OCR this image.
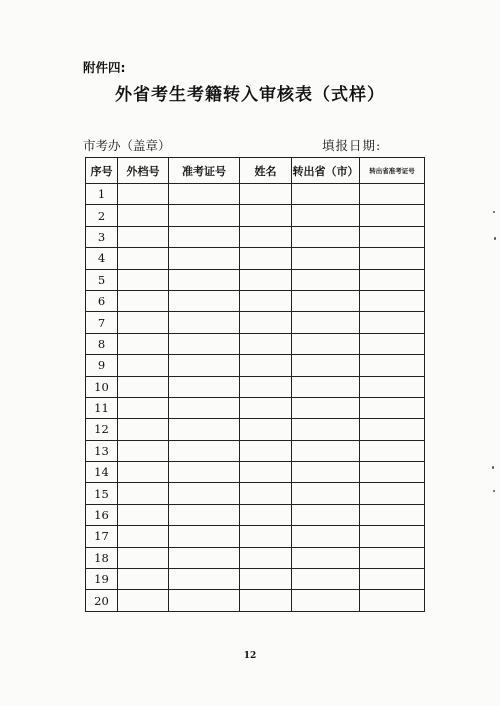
附件四:
外省考生考籍转入审核表（式样）
市考办（盖章）	填报日期:
序号	外档号	准考证号	姓名	转出省（市）	转出省准考证号
1					
2					
3					
4					
5					
6					
7					
8					
9					
10					
11					
12					
13					
14					
15					
16					
17					
18					
19					
20					
12
